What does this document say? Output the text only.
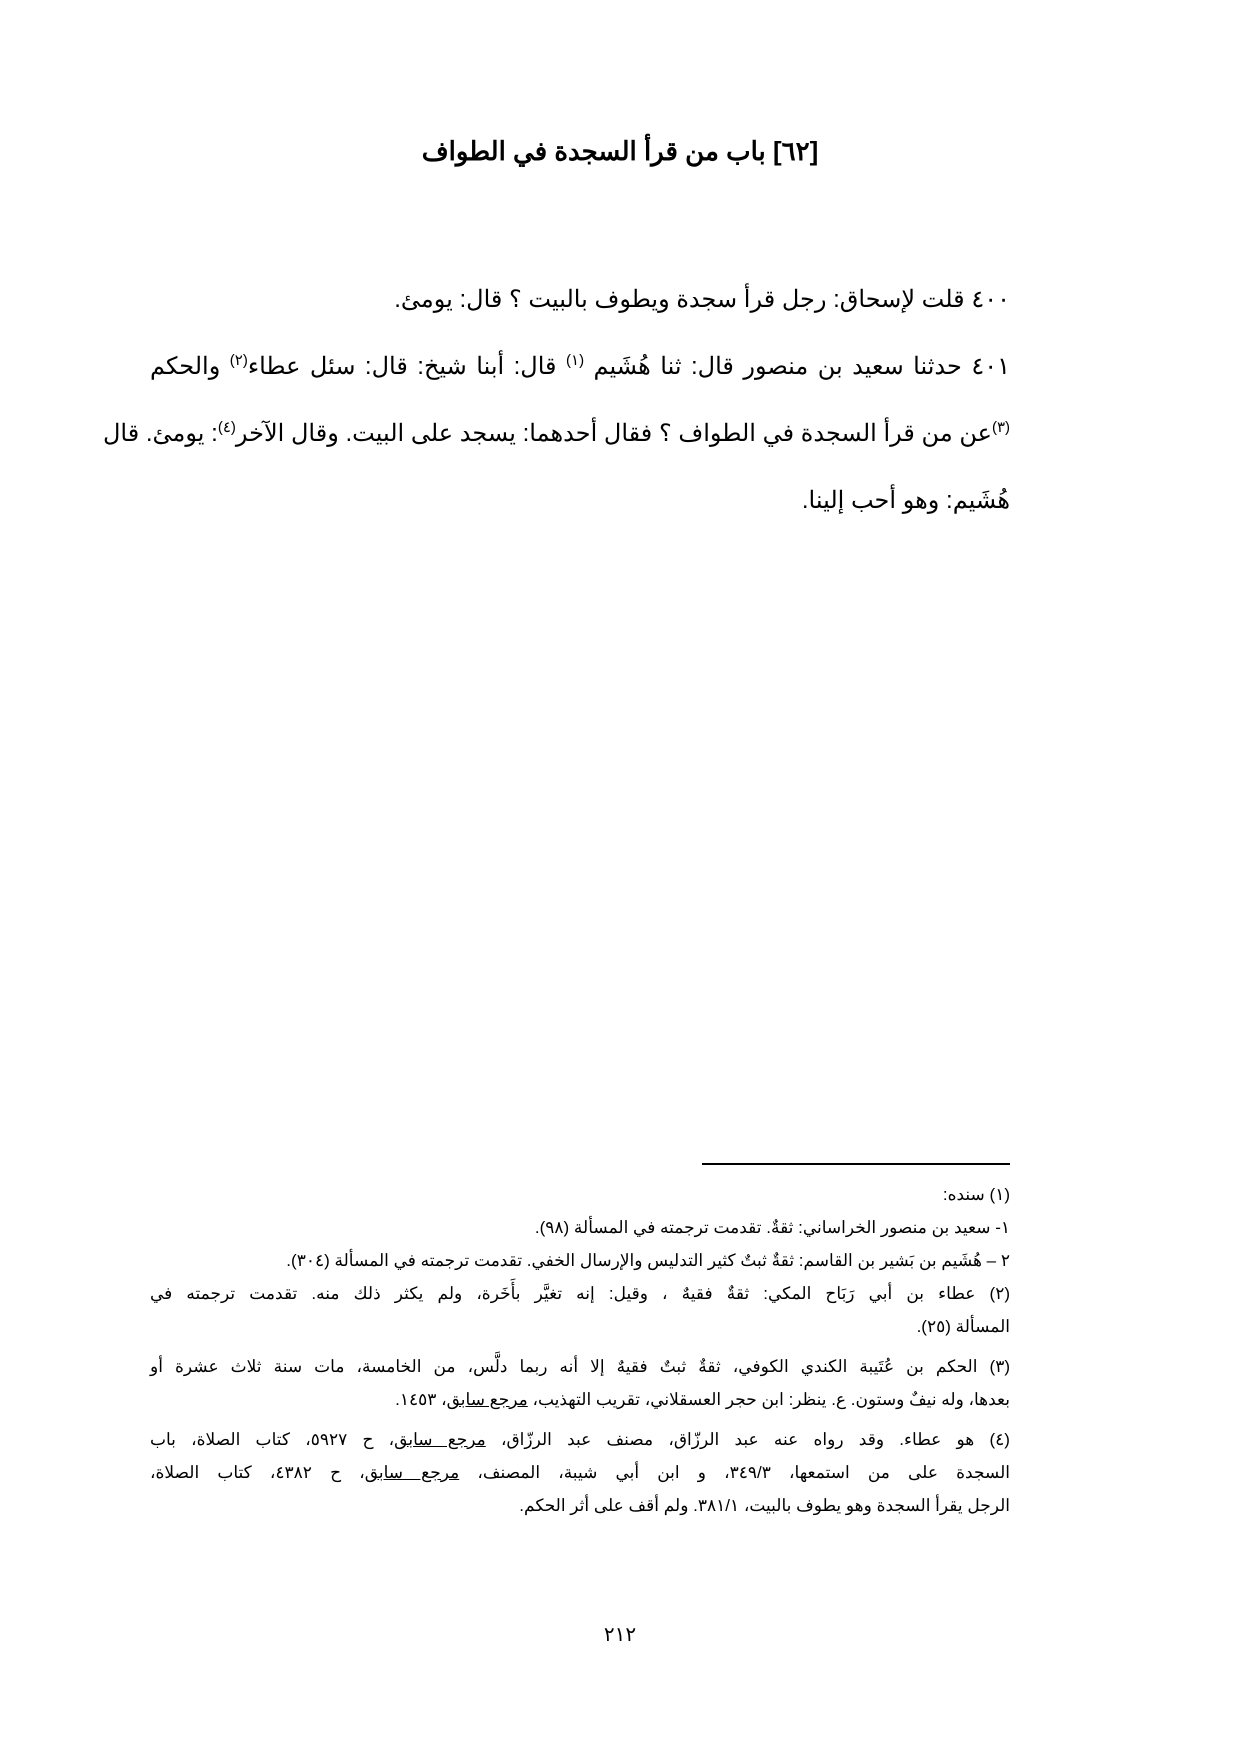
[٦٢] باب من قرأ السجدة في الطواف

٤٠٠ قلت لإسحاق: رجل قرأ سجدة ويطوف بالبيت ؟ قال: يومئ.

٤٠١ حدثنا سعيد بن منصور قال: ثنا هُشَيم $^{(١)}$ قال: أبنا شيخ: قال: سئل عطاء$^{(٢)}$ والحكم

$^{(٣)}$عن من قرأ السجدة في الطواف ؟ فقال أحدهما: يسجد على البيت. وقال الآخر$^{(٤)}$: يومئ. قال

هُشَيم: وهو أحب إلينا.

(١) سنده:

١- سعيد بن منصور الخراساني: ثقةٌ. تقدمت ترجمته في المسألة (٩٨).

٢ – هُشَيم بن بَشير بن القاسم: ثقةٌ ثبتٌ كثير التدليس والإرسال الخفي. تقدمت ترجمته في المسألة (٣٠٤).

(٢) عطاء بن أبي رَبَاح المكي: ثقةٌ فقيهٌ ، وقيل: إنه تغيَّر بأَخَرة، ولم يكثر ذلك منه. تقدمت ترجمته في

المسألة (٢٥).

(٣) الحكم بن عُتَيبة الكندي الكوفي، ثقةٌ ثبتٌ فقيهٌ إلا أنه ربما دلَّس، من الخامسة، مات سنة ثلاث عشرة أو

بعدها، وله نيفٌ وستون. ع. ينظر: ابن حجر العسقلاني، تقريب التهذيب، مرجع سابق، ١٤٥٣.

(٤) هو عطاء. وقد رواه عنه عبد الرزّاق، مصنف عبد الرزّاق، مرجع سابق، ح ٥٩٢٧، كتاب الصلاة، باب

السجدة على من استمعها، ٣٤٩/٣، و ابن أبي شيبة، المصنف، مرجع سابق، ح ٤٣٨٢، كتاب الصلاة،

الرجل يقرأ السجدة وهو يطوف بالبيت، ٣٨١/١. ولم أقف على أثر الحكم.

٢١٢
